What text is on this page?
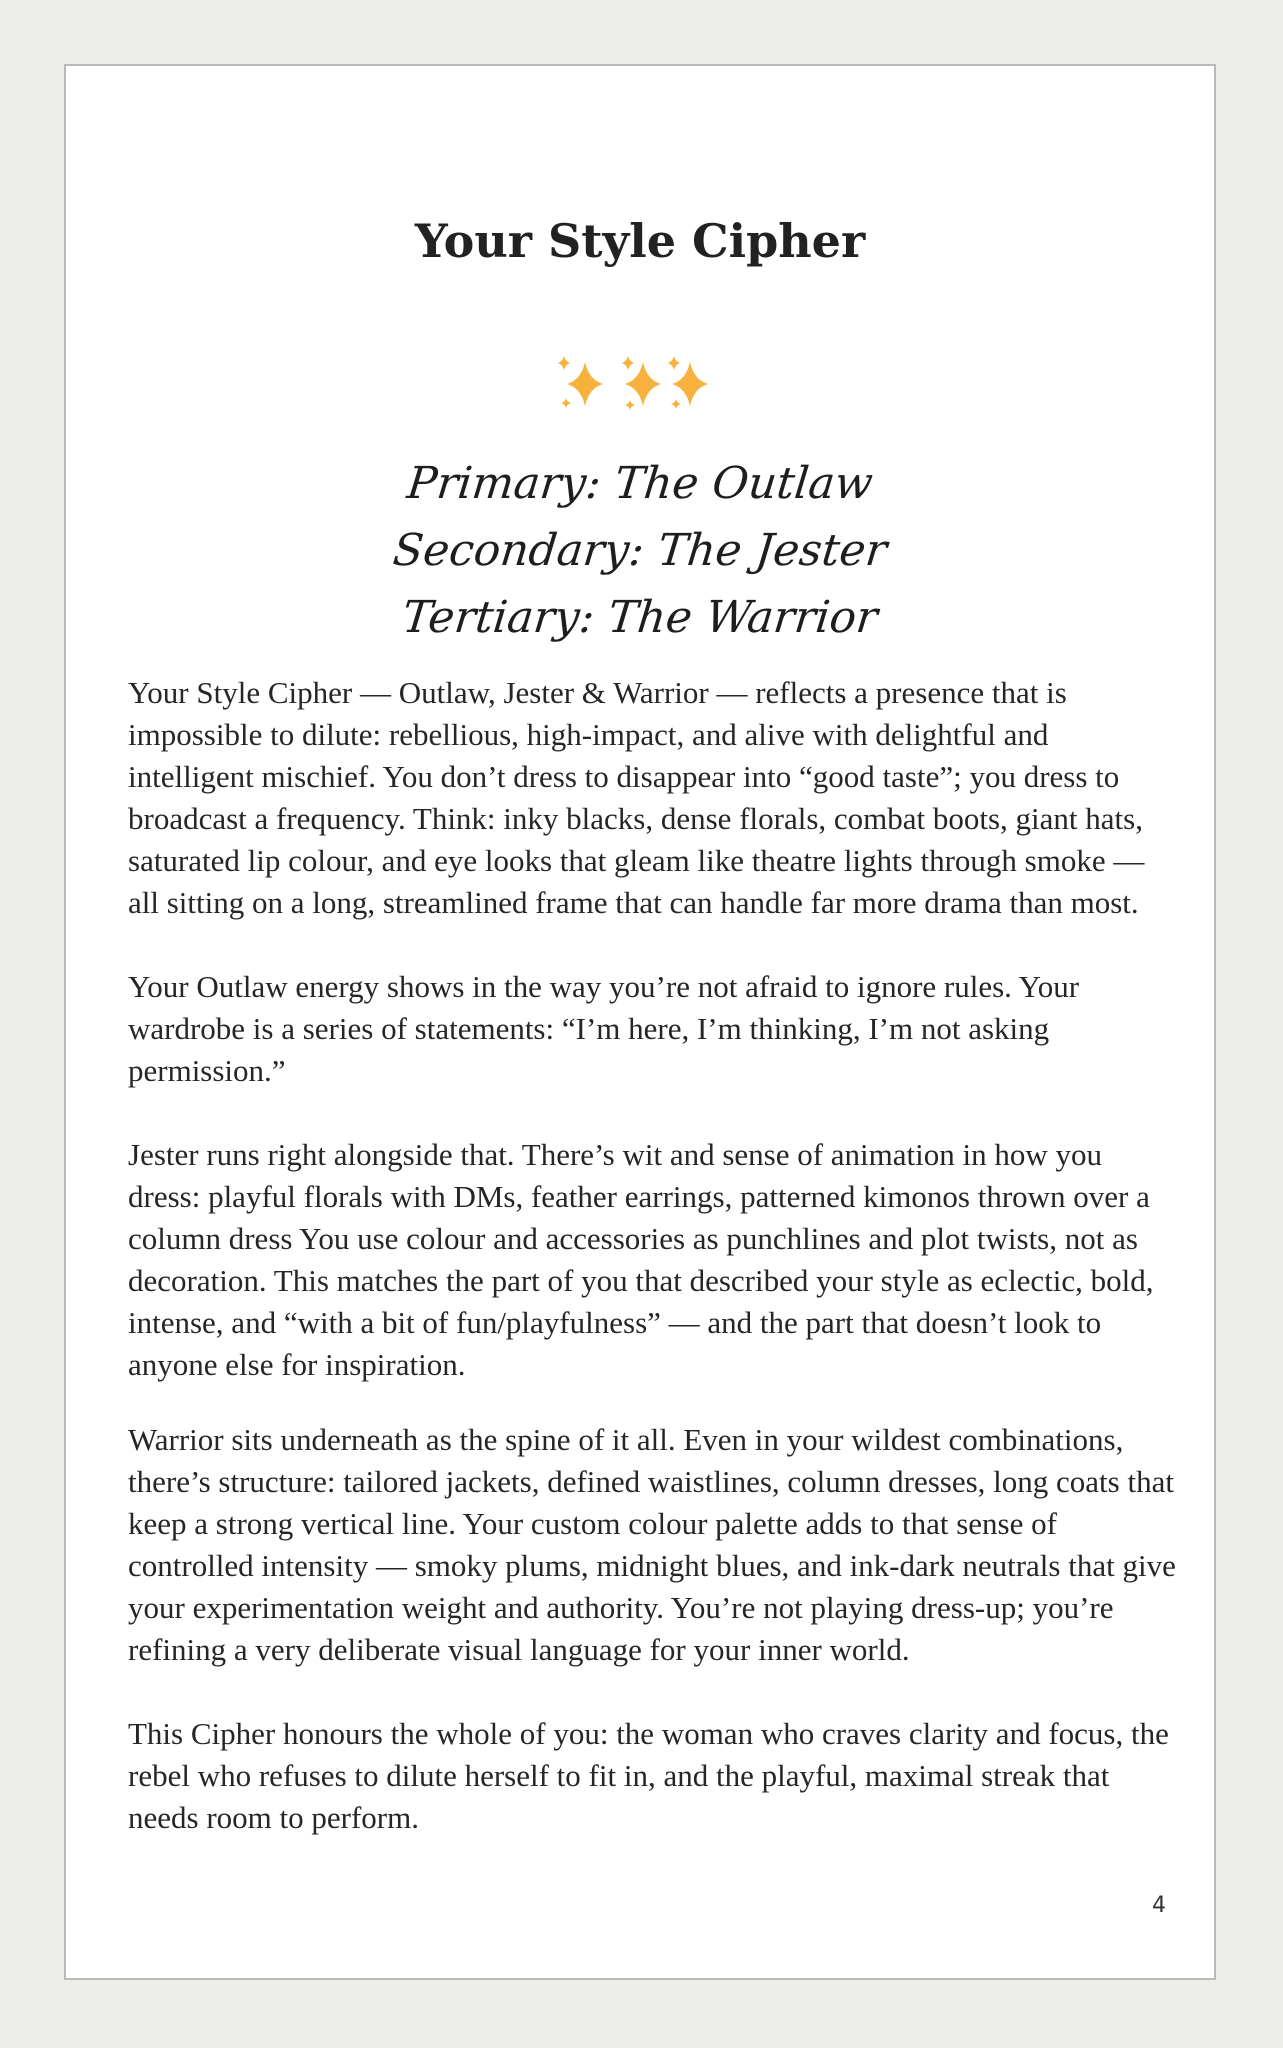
Your Style Cipher
Primary: The Outlaw
Secondary: The Jester
Tertiary: The Warrior

Your Style Cipher — Outlaw, Jester & Warrior — reflects a presence that is impossible to dilute: rebellious, high-impact, and alive with delightful and intelligent mischief. You don’t dress to disappear into “good taste”; you dress to broadcast a frequency. Think: inky blacks, dense florals, combat boots, giant hats, saturated lip colour, and eye looks that gleam like theatre lights through smoke — all sitting on a long, streamlined frame that can handle far more drama than most.

Your Outlaw energy shows in the way you’re not afraid to ignore rules. Your wardrobe is a series of statements: “I’m here, I’m thinking, I’m not asking permission.”

Jester runs right alongside that. There’s wit and sense of animation in how you dress: playful florals with DMs, feather earrings, patterned kimonos thrown over a column dress You use colour and accessories as punchlines and plot twists, not as decoration. This matches the part of you that described your style as eclectic, bold, intense, and “with a bit of fun/playfulness” — and the part that doesn’t look to anyone else for inspiration.

Warrior sits underneath as the spine of it all. Even in your wildest combinations, there’s structure: tailored jackets, defined waistlines, column dresses, long coats that keep a strong vertical line. Your custom colour palette adds to that sense of controlled intensity — smoky plums, midnight blues, and ink-dark neutrals that give your experimentation weight and authority. You’re not playing dress-up; you’re refining a very deliberate visual language for your inner world.

This Cipher honours the whole of you: the woman who craves clarity and focus, the rebel who refuses to dilute herself to fit in, and the playful, maximal streak that needs room to perform.

4
